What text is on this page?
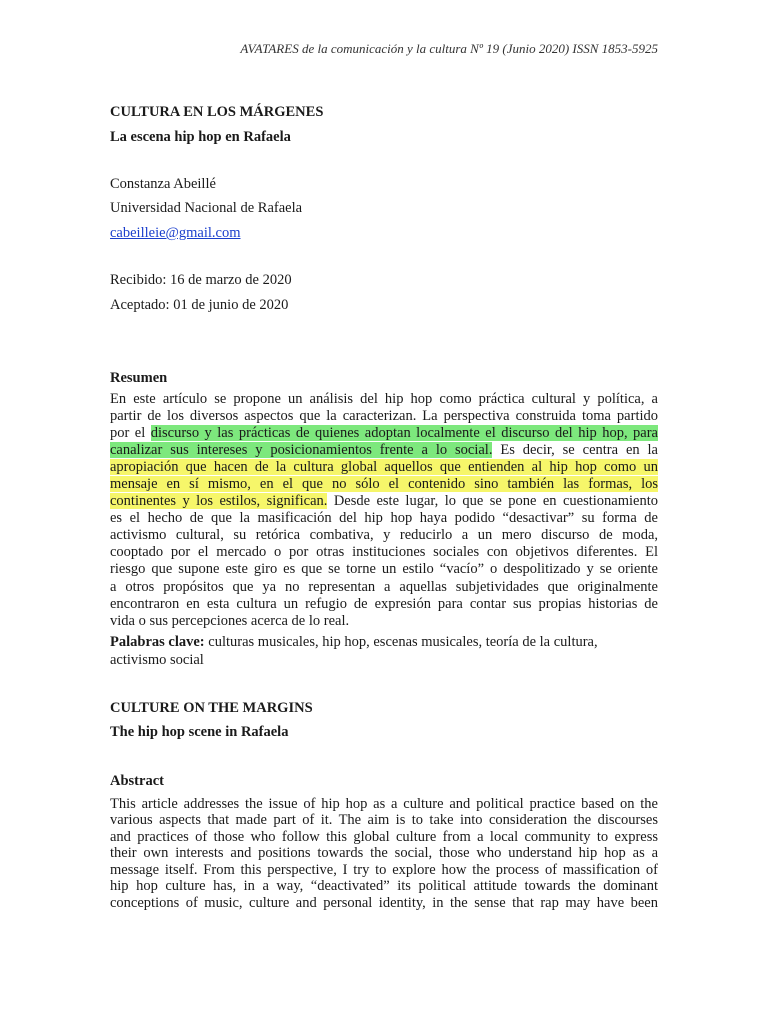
AVATARES de la comunicación y la cultura Nº 19 (Junio 2020) ISSN 1853-5925

CULTURA EN LOS MÁRGENES

La escena hip hop en Rafaela

Constanza Abeillé

Universidad Nacional de Rafaela

cabeilleie@gmail.com

Recibido: 16 de marzo de 2020

Aceptado: 01 de junio de 2020

Resumen

En este artículo se propone un análisis del hip hop como práctica cultural y política, a
partir de los diversos aspectos que la caracterizan. La perspectiva construida toma partido
por el discurso y las prácticas de quienes adoptan localmente el discurso del hip hop, para
canalizar sus intereses y posicionamientos frente a lo social. Es decir, se centra en la
apropiación que hacen de la cultura global aquellos que entienden al hip hop como un
mensaje en sí mismo, en el que no sólo el contenido sino también las formas, los
continentes y los estilos, significan. Desde este lugar, lo que se pone en cuestionamiento
es el hecho de que la masificación del hip hop haya podido “desactivar” su forma de
activismo cultural, su retórica combativa, y reducirlo a un mero discurso de moda,
cooptado por el mercado o por otras instituciones sociales con objetivos diferentes. El
riesgo que supone este giro es que se torne un estilo “vacío” o despolitizado y se oriente
a otros propósitos que ya no representan a aquellas subjetividades que originalmente
encontraron en esta cultura un refugio de expresión para contar sus propias historias de
vida o sus percepciones acerca de lo real.

Palabras clave: culturas musicales, hip hop, escenas musicales, teoría de la cultura,

activismo social

CULTURE ON THE MARGINS

The hip hop scene in Rafaela

Abstract

This article addresses the issue of hip hop as a culture and political practice based on the
various aspects that made part of it. The aim is to take into consideration the discourses
and practices of those who follow this global culture from a local community to express
their own interests and positions towards the social, those who understand hip hop as a
message itself. From this perspective, I try to explore how the process of massification of
hip hop culture has, in a way, “deactivated” its political attitude towards the dominant
conceptions of music, culture and personal identity, in the sense that rap may have been
